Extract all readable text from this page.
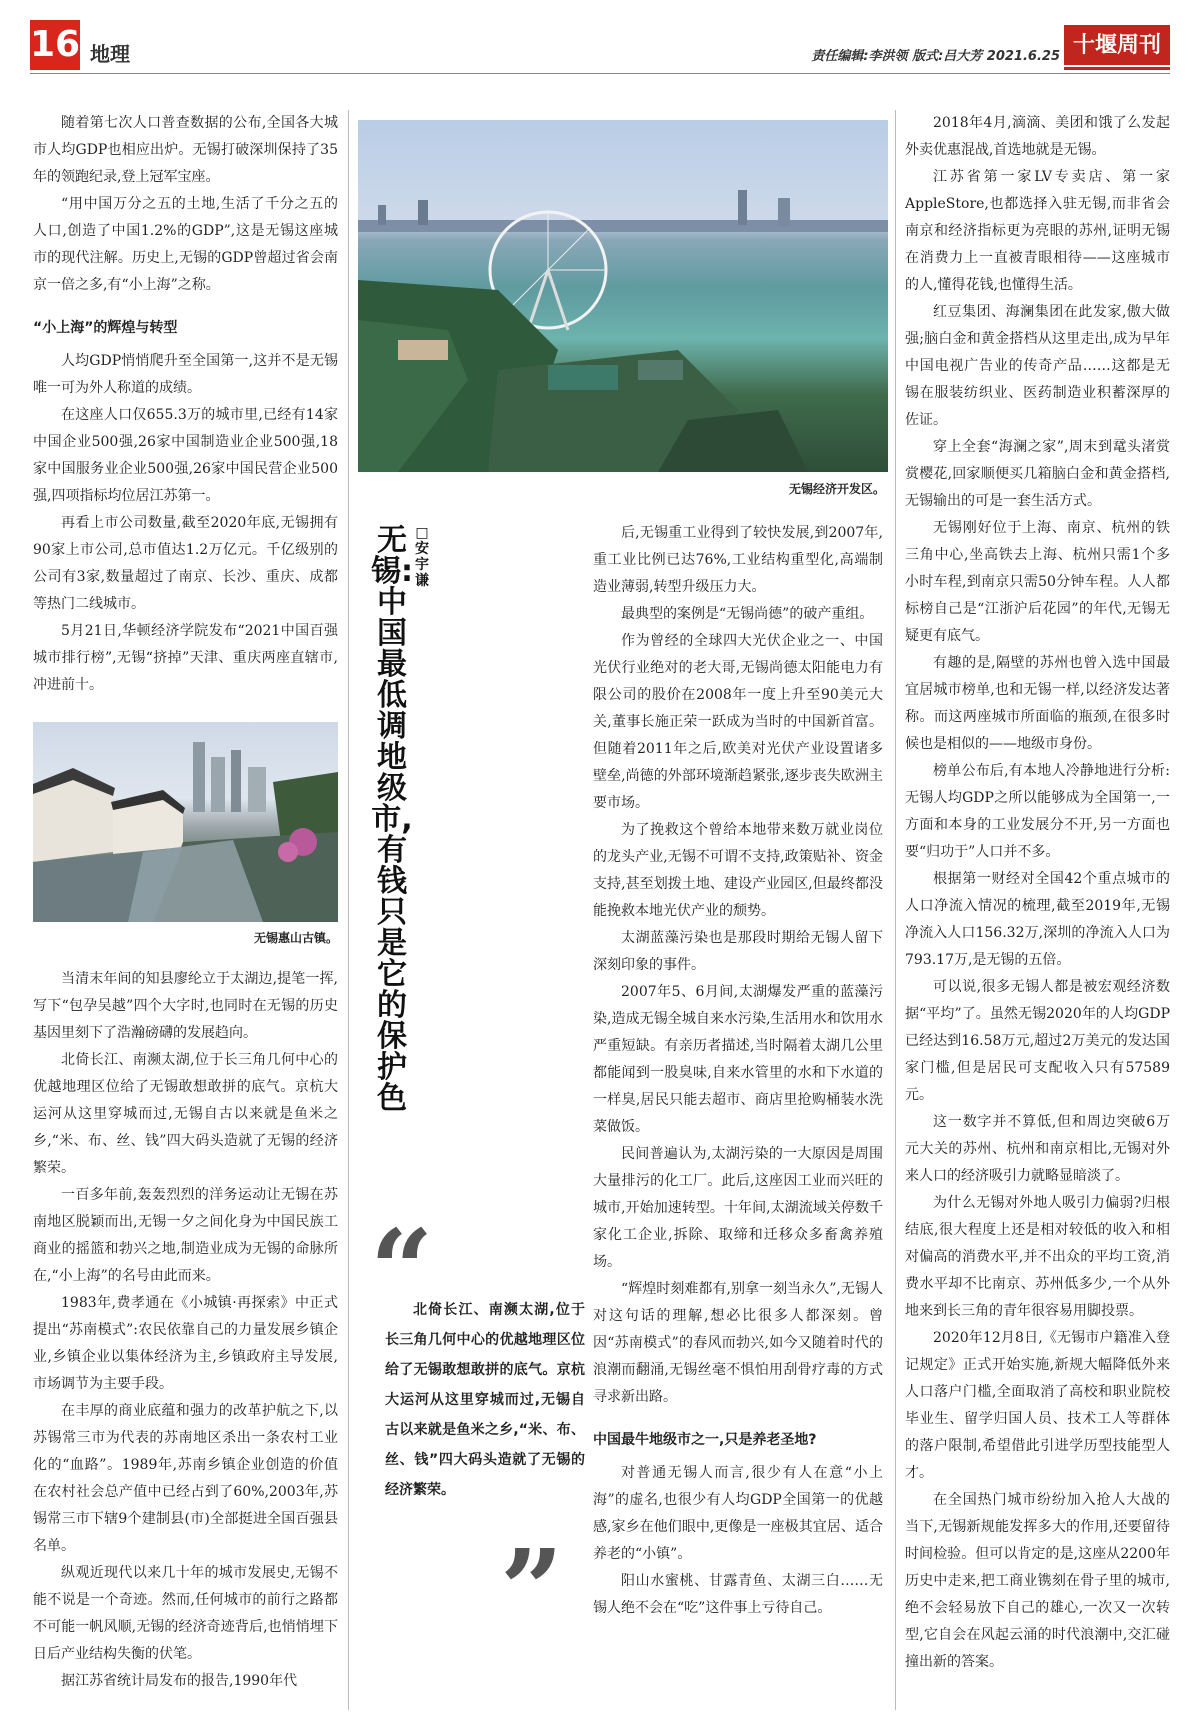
16 地理	责任编辑:李洪领 版式:吕大芳 2021.6.25 十堰周刊

随着第七次人口普查数据的公布,全国各大城市人均GDP也相应出炉。无锡打破深圳保持了35年的领跑纪录,登上冠军宝座。

“用中国万分之五的土地,生活了千分之五的人口,创造了中国1.2%的GDP”,这是无锡这座城市的现代注解。历史上,无锡的GDP曾超过省会南京一倍之多,有“小上海”之称。

“小上海”的辉煌与转型

人均GDP悄悄爬升至全国第一,这并不是无锡唯一可为外人称道的成绩。

在这座人口仅655.3万的城市里,已经有14家中国企业500强,26家中国制造业企业500强,18家中国服务业企业500强,26家中国民营企业500强,四项指标均位居江苏第一。

再看上市公司数量,截至2020年底,无锡拥有90家上市公司,总市值达1.2万亿元。千亿级别的公司有3家,数量超过了南京、长沙、重庆、成都等热门二线城市。

5月21日,华顿经济学院发布“2021中国百强城市排行榜”,无锡“挤掉”天津、重庆两座直辖市,冲进前十。

无锡惠山古镇。

当清末年间的知县廖纶立于太湖边,提笔一挥,写下“包孕吴越”四个大字时,也同时在无锡的历史基因里刻下了浩瀚磅礴的发展趋向。

北倚长江、南濒太湖,位于长三角几何中心的优越地理区位给了无锡敢想敢拼的底气。京杭大运河从这里穿城而过,无锡自古以来就是鱼米之乡,“米、布、丝、钱”四大码头造就了无锡的经济繁荣。

一百多年前,轰轰烈烈的洋务运动让无锡在苏南地区脱颖而出,无锡一夕之间化身为中国民族工商业的摇篮和勃兴之地,制造业成为无锡的命脉所在,“小上海”的名号由此而来。

1983年,费孝通在《小城镇·再探索》中正式提出“苏南模式”:农民依靠自己的力量发展乡镇企业,乡镇企业以集体经济为主,乡镇政府主导发展,市场调节为主要手段。

在丰厚的商业底蕴和强力的改革护航之下,以苏锡常三市为代表的苏南地区杀出一条农村工业化的“血路”。1989年,苏南乡镇企业创造的价值在农村社会总产值中已经占到了60%,2003年,苏锡常三市下辖9个建制县(市)全部挺进全国百强县名单。

纵观近现代以来几十年的城市发展史,无锡不能不说是一个奇迹。然而,任何城市的前行之路都不可能一帆风顺,无锡的经济奇迹背后,也悄悄埋下日后产业结构失衡的伏笔。

据江苏省统计局发布的报告,1990年代

无锡经济开发区。
无锡:中国最低调地级市,有钱只是它的保护色
□安宇谦
“

北倚长江、南濒太湖,位于长三角几何中心的优越地理区位给了无锡敢想敢拼的底气。京杭大运河从这里穿城而过,无锡自古以来就是鱼米之乡,“米、布、丝、钱”四大码头造就了无锡的经济繁荣。

”

后,无锡重工业得到了较快发展,到2007年,重工业比例已达76%,工业结构重型化,高端制造业薄弱,转型升级压力大。

最典型的案例是“无锡尚德”的破产重组。

作为曾经的全球四大光伏企业之一、中国光伏行业绝对的老大哥,无锡尚德太阳能电力有限公司的股价在2008年一度上升至90美元大关,董事长施正荣一跃成为当时的中国新首富。但随着2011年之后,欧美对光伏产业设置诸多壁垒,尚德的外部环境渐趋紧张,逐步丧失欧洲主要市场。

为了挽救这个曾给本地带来数万就业岗位的龙头产业,无锡不可谓不支持,政策贴补、资金支持,甚至划拨土地、建设产业园区,但最终都没能挽救本地光伏产业的颓势。

太湖蓝藻污染也是那段时期给无锡人留下深刻印象的事件。

2007年5、6月间,太湖爆发严重的蓝藻污染,造成无锡全城自来水污染,生活用水和饮用水严重短缺。有亲历者描述,当时隔着太湖几公里都能闻到一股臭味,自来水管里的水和下水道的一样臭,居民只能去超市、商店里抢购桶装水洗菜做饭。

民间普遍认为,太湖污染的一大原因是周围大量排污的化工厂。此后,这座因工业而兴旺的城市,开始加速转型。十年间,太湖流域关停数千家化工企业,拆除、取缔和迁移众多畜禽养殖场。

“辉煌时刻难都有,别拿一刻当永久”,无锡人对这句话的理解,想必比很多人都深刻。曾因“苏南模式”的春风而勃兴,如今又随着时代的浪潮而翻涌,无锡丝毫不惧怕用刮骨疗毒的方式寻求新出路。

中国最牛地级市之一,只是养老圣地?

对普通无锡人而言,很少有人在意“小上海”的虚名,也很少有人均GDP全国第一的优越感,家乡在他们眼中,更像是一座极其宜居、适合养老的“小镇”。

阳山水蜜桃、甘露青鱼、太湖三白……无锡人绝不会在“吃”这件事上亏待自己。

2018年4月,滴滴、美团和饿了么发起外卖优惠混战,首选地就是无锡。

江苏省第一家LV专卖店、第一家AppleStore,也都选择入驻无锡,而非省会南京和经济指标更为亮眼的苏州,证明无锡在消费力上一直被青眼相待——这座城市的人,懂得花钱,也懂得生活。

红豆集团、海澜集团在此发家,傲大做强;脑白金和黄金搭档从这里走出,成为早年中国电视广告业的传奇产品……这都是无锡在服装纺织业、医药制造业积蓄深厚的佐证。

穿上全套“海澜之家”,周末到鼋头渚赏赏樱花,回家顺便买几箱脑白金和黄金搭档,无锡输出的可是一套生活方式。

无锡刚好位于上海、南京、杭州的铁三角中心,坐高铁去上海、杭州只需1个多小时车程,到南京只需50分钟车程。人人都标榜自己是“江浙沪后花园”的年代,无锡无疑更有底气。

有趣的是,隔壁的苏州也曾入选中国最宜居城市榜单,也和无锡一样,以经济发达著称。而这两座城市所面临的瓶颈,在很多时候也是相似的——地级市身份。

榜单公布后,有本地人冷静地进行分析:无锡人均GDP之所以能够成为全国第一,一方面和本身的工业发展分不开,另一方面也要“归功于”人口并不多。

根据第一财经对全国42个重点城市的人口净流入情况的梳理,截至2019年,无锡净流入人口156.32万,深圳的净流入人口为793.17万,是无锡的五倍。

可以说,很多无锡人都是被宏观经济数据“平均”了。虽然无锡2020年的人均GDP已经达到16.58万元,超过2万美元的发达国家门槛,但是居民可支配收入只有57589元。

这一数字并不算低,但和周边突破6万元大关的苏州、杭州和南京相比,无锡对外来人口的经济吸引力就略显暗淡了。

为什么无锡对外地人吸引力偏弱?归根结底,很大程度上还是相对较低的收入和相对偏高的消费水平,并不出众的平均工资,消费水平却不比南京、苏州低多少,一个从外地来到长三角的青年很容易用脚投票。

2020年12月8日,《无锡市户籍准入登记规定》正式开始实施,新规大幅降低外来人口落户门槛,全面取消了高校和职业院校毕业生、留学归国人员、技术工人等群体的落户限制,希望借此引进学历型技能型人才。

在全国热门城市纷纷加入抢人大战的当下,无锡新规能发挥多大的作用,还要留待时间检验。但可以肯定的是,这座从2200年历史中走来,把工商业镌刻在骨子里的城市,绝不会轻易放下自己的雄心,一次又一次转型,它自会在风起云涌的时代浪潮中,交汇碰撞出新的答案。
